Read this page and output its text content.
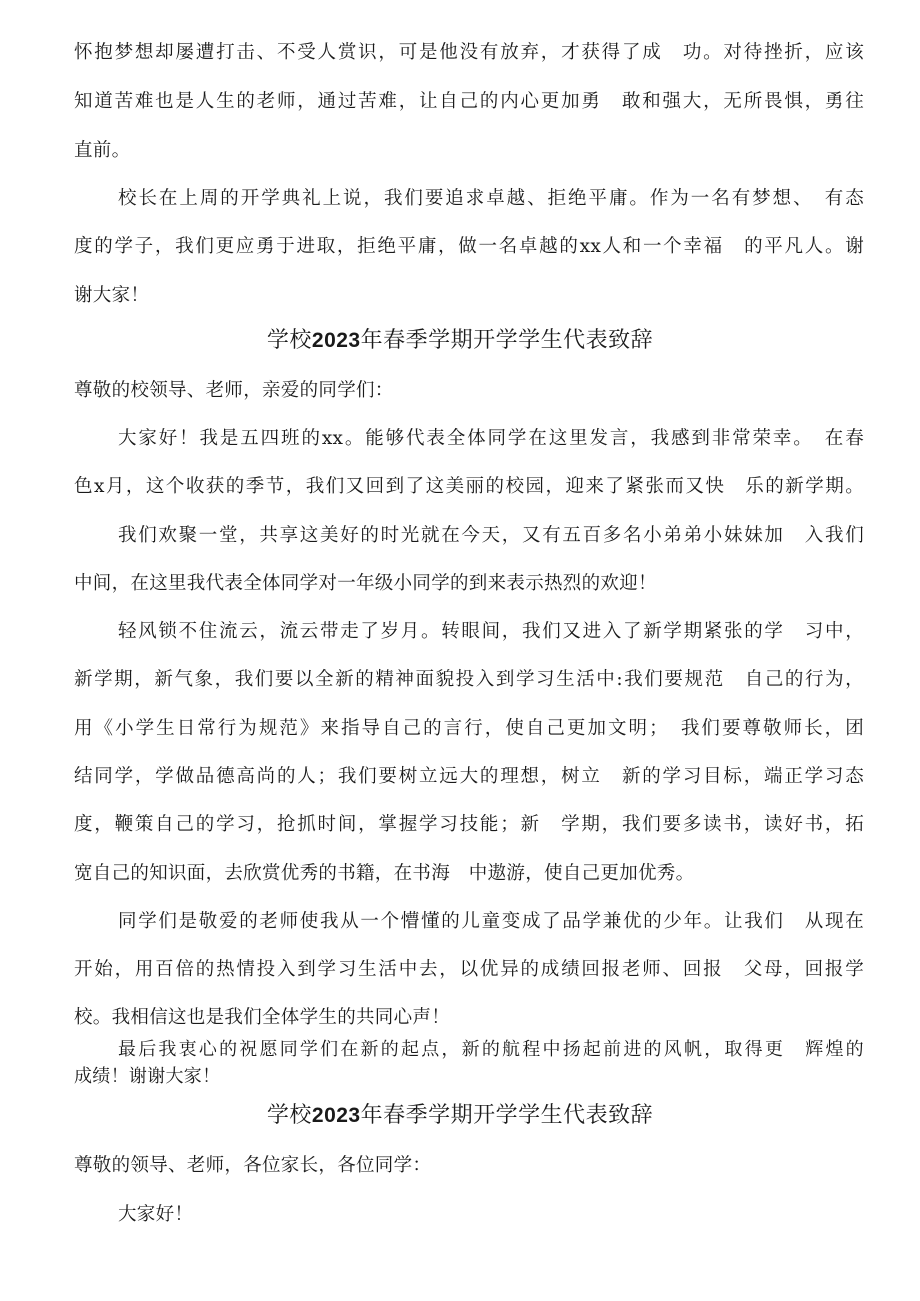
怀抱梦想却屡遭打击、不受人赏识，可是他没有放弃，才获得了成　功。对待挫折，应该
知道苦难也是人生的老师，通过苦难，让自己的内心更加勇　敢和强大，无所畏惧，勇往
直前。
校长在上周的开学典礼上说，我们要追求卓越、拒绝平庸。作为一名有梦想、　有态
度的学子，我们更应勇于进取，拒绝平庸，做一名卓越的xx人和一个幸福　的平凡人。谢
谢大家！
学校2023年春季学期开学学生代表致辞
尊敬的校领导、老师，亲爱的同学们：
大家好！我是五四班的xx。能够代表全体同学在这里发言，我感到非常荣幸。　在春
色x月，这个收获的季节，我们又回到了这美丽的校园，迎来了紧张而又快　乐的新学期。
我们欢聚一堂，共享这美好的时光就在今天，又有五百多名小弟弟小妹妹加　入我们
中间，在这里我代表全体同学对一年级小同学的到来表示热烈的欢迎！
轻风锁不住流云，流云带走了岁月。转眼间，我们又进入了新学期紧张的学　习中，
新学期，新气象，我们要以全新的精神面貌投入到学习生活中:我们要规范　自己的行为，
用《小学生日常行为规范》来指导自己的言行，使自己更加文明；　我们要尊敬师长，团
结同学，学做品德高尚的人；我们要树立远大的理想，树立　新的学习目标，端正学习态
度，鞭策自己的学习，抢抓时间，掌握学习技能；新　学期，我们要多读书，读好书，拓
宽自己的知识面，去欣赏优秀的书籍，在书海　中遨游，使自己更加优秀。
同学们是敬爱的老师使我从一个懵懂的儿童变成了品学兼优的少年。让我们　从现在
开始，用百倍的热情投入到学习生活中去，以优异的成绩回报老师、回报　父母，回报学
校。我相信这也是我们全体学生的共同心声！
最后我衷心的祝愿同学们在新的起点，新的航程中扬起前进的风帆，取得更　辉煌的
成绩！谢谢大家！
学校2023年春季学期开学学生代表致辞
尊敬的领导、老师，各位家长，各位同学：
大家好！
